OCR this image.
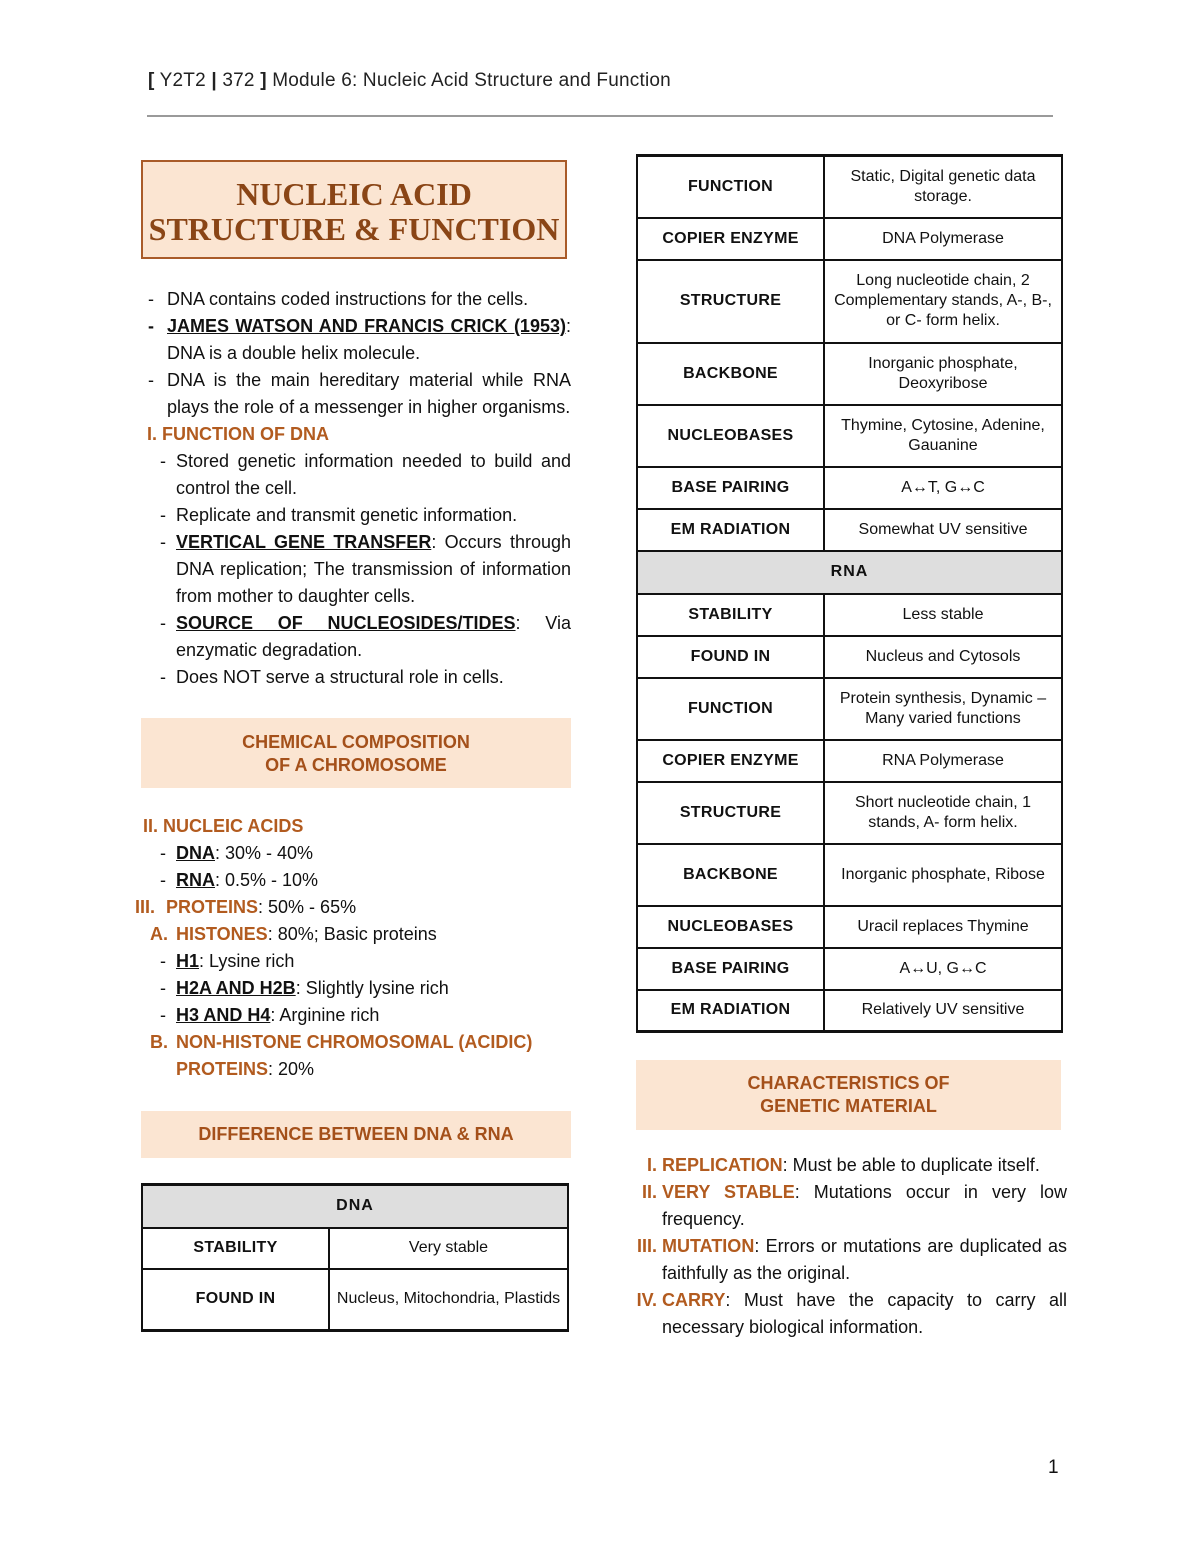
[ Y2T2 | 372 ] Module 6: Nucleic Acid Structure and Function
NUCLEIC ACID
STRUCTURE & FUNCTION
- DNA contains coded instructions for the cells.
- JAMES WATSON AND FRANCIS CRICK (1953): DNA is a double helix molecule.
- DNA is the main hereditary material while RNA plays the role of a messenger in higher organisms.
I. FUNCTION OF DNA
- Stored genetic information needed to build and control the cell.
- Replicate and transmit genetic information.
- VERTICAL GENE TRANSFER: Occurs through DNA replication; The transmission of information from mother to daughter cells.
- SOURCE OF NUCLEOSIDES/TIDES: Via enzymatic degradation.
- Does NOT serve a structural role in cells.
CHEMICAL COMPOSITION
OF A CHROMOSOME
II. NUCLEIC ACIDS
- DNA: 30% - 40%
- RNA: 0.5% - 10%
III. PROTEINS: 50% - 65%
A. HISTONES: 80%; Basic proteins
- H1: Lysine rich
- H2A AND H2B: Slightly lysine rich
- H3 AND H4: Arginine rich
B. NON-HISTONE CHROMOSOMAL (ACIDIC)
PROTEINS: 20%
DIFFERENCE BETWEEN DNA & RNA
DNA	
STABILITY	Very stable
FOUND IN	Nucleus, Mitochondria, Plastids
FUNCTION	Static, Digital genetic data storage.
COPIER ENZYME	DNA Polymerase
STRUCTURE	Long nucleotide chain, 2 Complementary stands, A-, B-, or C- form helix.
BACKBONE	Inorganic phosphate, Deoxyribose
NUCLEOBASES	Thymine, Cytosine, Adenine, Gauanine
BASE PAIRING	A↔T, G↔C
EM RADIATION	Somewhat UV sensitive
RNA	
STABILITY	Less stable
FOUND IN	Nucleus and Cytosols
FUNCTION	Protein synthesis, Dynamic – Many varied functions
COPIER ENZYME	RNA Polymerase
STRUCTURE	Short nucleotide chain, 1 stands, A- form helix.
BACKBONE	Inorganic phosphate, Ribose
NUCLEOBASES	Uracil replaces Thymine
BASE PAIRING	A↔U, G↔C
EM RADIATION	Relatively UV sensitive
CHARACTERISTICS OF
GENETIC MATERIAL
I. REPLICATION: Must be able to duplicate itself.
II. VERY STABLE: Mutations occur in very low frequency.
III. MUTATION: Errors or mutations are duplicated as faithfully as the original.
IV. CARRY: Must have the capacity to carry all necessary biological information.
1
